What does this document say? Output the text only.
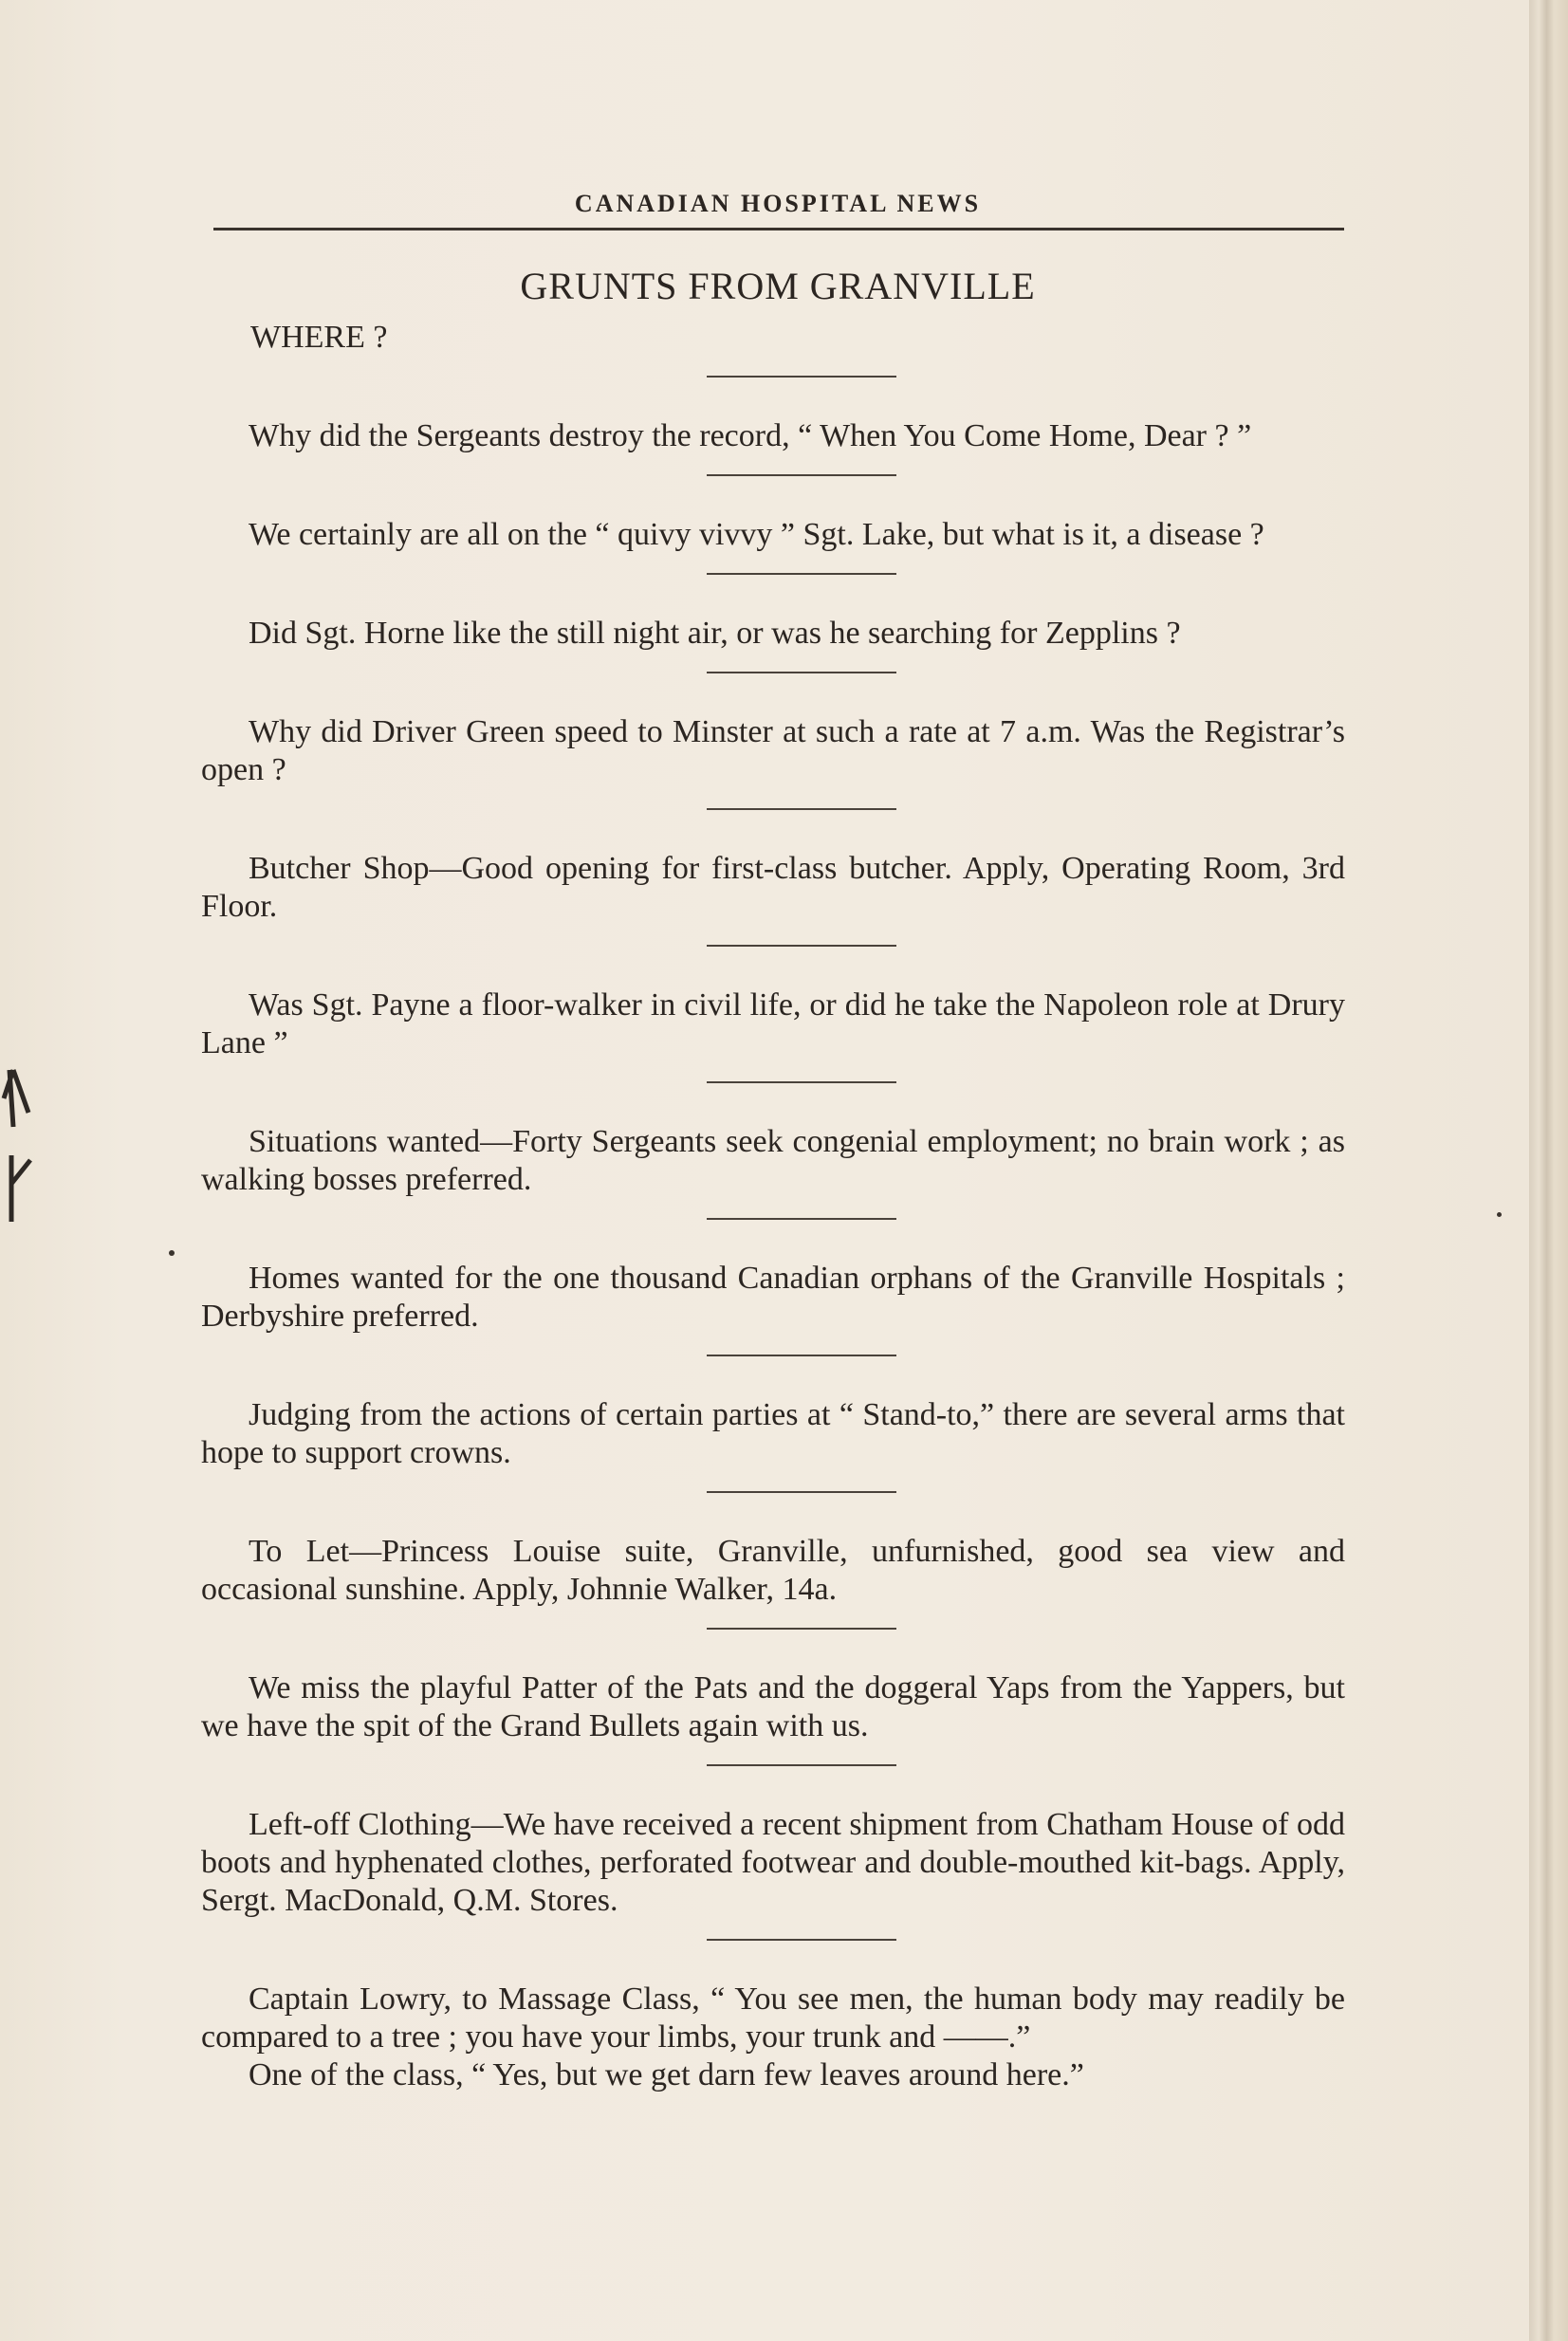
CANADIAN HOSPITAL NEWS
GRUNTS FROM GRANVILLE
WHERE ?

Why did the Sergeants destroy the record, “ When You Come Home, Dear ? ”

We certainly are all on the “ quivy vivvy ” Sgt. Lake, but what is it, a disease ?

Did Sgt. Horne like the still night air, or was he searching for Zepplins ?

Why did Driver Green speed to Minster at such a rate at 7 a.m. Was the Registrar’s open ?

Butcher Shop—Good opening for first-class butcher. Apply, Operating Room, 3rd Floor.

Was Sgt. Payne a floor-walker in civil life, or did he take the Napoleon role at Drury Lane ”

Situations wanted—Forty Sergeants seek congenial employment; no brain work ; as walking bosses preferred.

Homes wanted for the one thousand Canadian orphans of the Granville Hospitals ; Derbyshire preferred.

Judging from the actions of certain parties at “ Stand-to,” there are several arms that hope to support crowns.

To Let—Princess Louise suite, Granville, unfurnished, good sea view and occasional sunshine. Apply, Johnnie Walker, 14a.

We miss the playful Patter of the Pats and the doggeral Yaps from the Yappers, but we have the spit of the Grand Bullets again with us.

Left-off Clothing—We have received a recent shipment from Chatham House of odd boots and hyphenated clothes, perforated footwear and double-mouthed kit-bags. Apply, Sergt. MacDonald, Q.M. Stores.

Captain Lowry, to Massage Class, “ You see men, the human body may readily be compared to a tree ; you have your limbs, your trunk and ——.”

One of the class, “ Yes, but we get darn few leaves around here.”
